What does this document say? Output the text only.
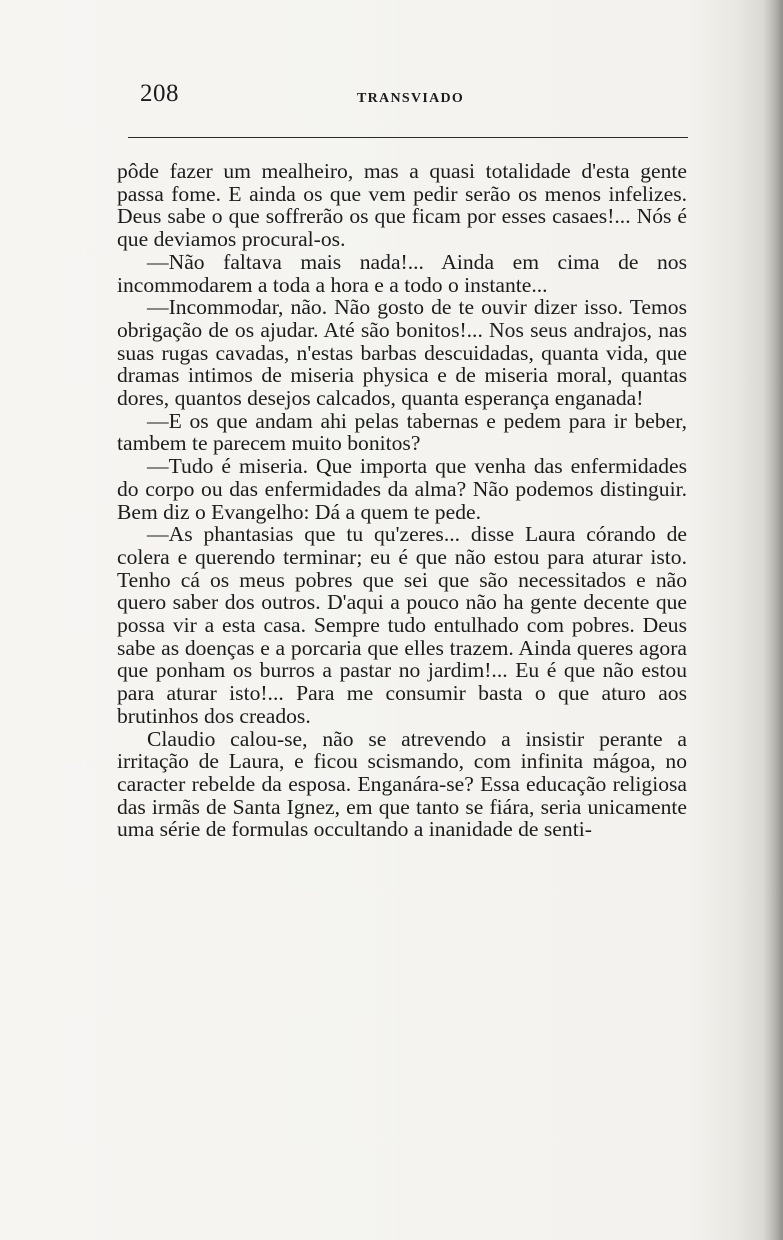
208	TRANSVIADO

pôde fazer um mealheiro, mas a quasi totalidade d'esta gente passa fome. E ainda os que vem pedir serão os menos infelizes. Deus sabe o que soffrerão os que ficam por esses casaes!... Nós é que deviamos procural-os.

—Não faltava mais nada!... Ainda em cima de nos incommodarem a toda a hora e a todo o instante...

—Incommodar, não. Não gosto de te ouvir dizer isso. Temos obrigação de os ajudar. Até são bonitos!... Nos seus andrajos, nas suas rugas cavadas, n'estas barbas descuidadas, quanta vida, que dramas intimos de miseria physica e de miseria moral, quantas dores, quantos desejos calcados, quanta esperança enganada!

—E os que andam ahi pelas tabernas e pedem para ir beber, tambem te parecem muito bonitos?

—Tudo é miseria. Que importa que venha das enfermidades do corpo ou das enfermidades da alma? Não podemos distinguir. Bem diz o Evangelho: Dá a quem te pede.

—As phantasias que tu qu'zeres... disse Laura córando de colera e querendo terminar; eu é que não estou para aturar isto. Tenho cá os meus pobres que sei que são necessitados e não quero saber dos outros. D'aqui a pouco não ha gente decente que possa vir a esta casa. Sempre tudo entulhado com pobres. Deus sabe as doenças e a porcaria que elles trazem. Ainda queres agora que ponham os burros a pastar no jardim!... Eu é que não estou para aturar isto!... Para me consumir basta o que aturo aos brutinhos dos creados.

Claudio calou-se, não se atrevendo a insistir perante a irritação de Laura, e ficou scismando, com infinita mágoa, no caracter rebelde da esposa. Enganára-se? Essa educação religiosa das irmãs de Santa Ignez, em que tanto se fiára, seria unicamente uma série de formulas occultando a inanidade de senti-
